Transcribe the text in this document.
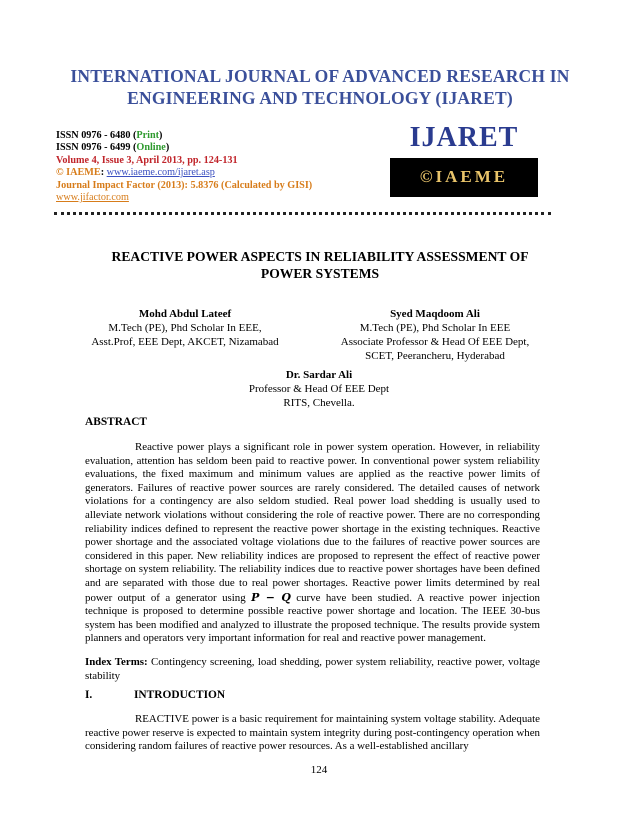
INTERNATIONAL JOURNAL OF ADVANCED RESEARCH IN
ENGINEERING AND TECHNOLOGY (IJARET)
ISSN 0976 - 6480 (Print)
ISSN 0976 - 6499 (Online)
Volume 4, Issue 3, April 2013, pp. 124-131
© IAEME: www.iaeme.com/ijaret.asp
Journal Impact Factor (2013): 5.8376 (Calculated by GISI)
www.jifactor.com
IJARET
©IAEME
REACTIVE POWER ASPECTS IN RELIABILITY ASSESSMENT OF
POWER SYSTEMS
Mohd Abdul Lateef
M.Tech (PE), Phd Scholar In EEE,
Asst.Prof, EEE Dept, AKCET, Nizamabad
Syed Maqdoom Ali
M.Tech (PE), Phd Scholar In EEE
Associate Professor & Head Of EEE Dept,
SCET, Peerancheru, Hyderabad
Dr. Sardar Ali
Professor & Head Of EEE Dept
RITS, Chevella.
ABSTRACT

Reactive power plays a significant role in power system operation. However, in reliability evaluation, attention has seldom been paid to reactive power. In conventional power system reliability evaluations, the fixed maximum and minimum values are applied as the reactive power limits of generators. Failures of reactive power sources are rarely considered. The detailed causes of network violations for a contingency are also seldom studied. Real power load shedding is usually used to alleviate network violations without considering the role of reactive power. There are no corresponding reliability indices defined to represent the reactive power shortage in the existing techniques. Reactive power shortage and the associated voltage violations due to the failures of reactive power sources are considered in this paper. New reliability indices are proposed to represent the effect of reactive power shortage on system reliability. The reliability indices due to reactive power shortages have been defined and are separated with those due to real power shortages. Reactive power limits determined by real power output of a generator using P − Q curve have been studied. A reactive power injection technique is proposed to determine possible reactive power shortage and location. The IEEE 30-bus system has been modified and analyzed to illustrate the proposed technique. The results provide system planners and operators very important information for real and reactive power management.

Index Terms: Contingency screening, load shedding, power system reliability, reactive power, voltage stability
I.	INTRODUCTION

REACTIVE power is a basic requirement for maintaining system voltage stability. Adequate reactive power reserve is expected to maintain system integrity during post-contingency operation when considering random failures of reactive power resources. As a well-established ancillary

124
